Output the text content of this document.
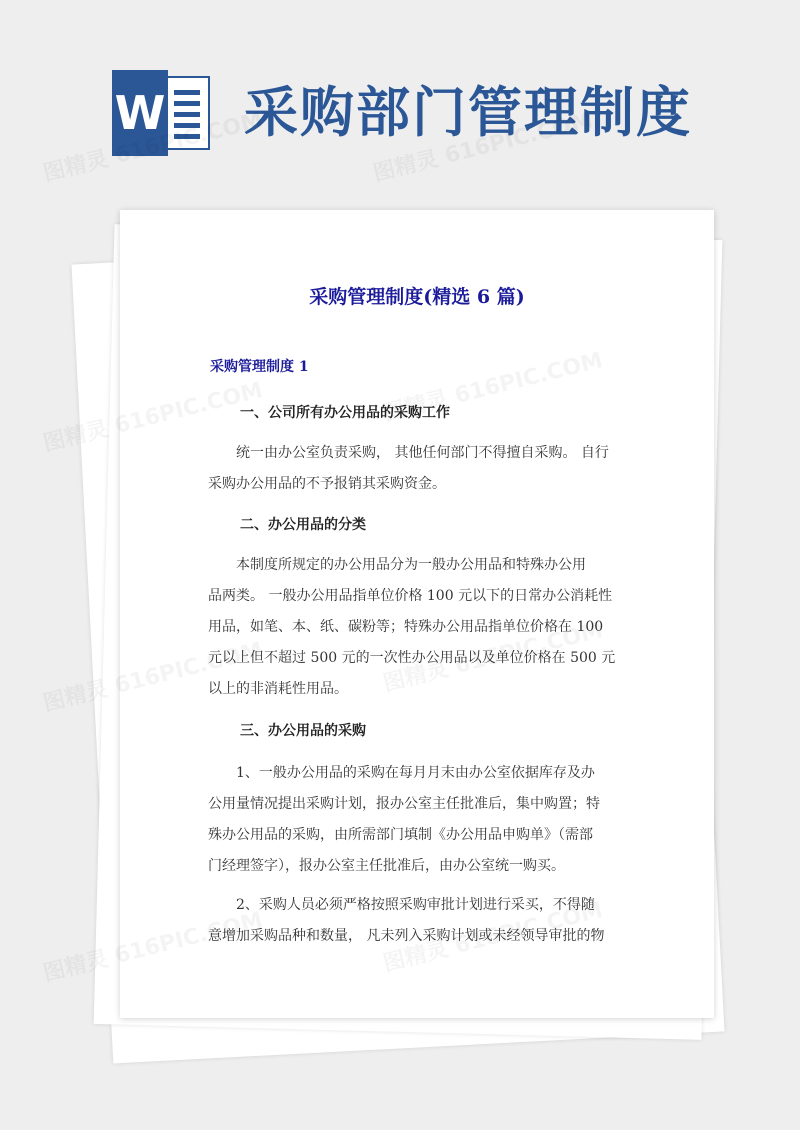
W 采购部门管理制度
采购管理制度(精选 6 篇)
采购管理制度 1
一、公司所有办公用品的采购工作
统一由办公室负责采购， 其他任何部门不得擅自采购。 自行
采购办公用品的不予报销其采购资金。
二、办公用品的分类
本制度所规定的办公用品分为一般办公用品和特殊办公用
品两类。 一般办公用品指单位价格 100 元以下的日常办公消耗性
用品，如笔、本、纸、碳粉等；特殊办公用品指单位价格在 100
元以上但不超过 500 元的一次性办公用品以及单位价格在 500 元
以上的非消耗性用品。
三、办公用品的采购
1、一般办公用品的采购在每月月末由办公室依据库存及办
公用量情况提出采购计划，报办公室主任批准后，集中购置；特
殊办公用品的采购，由所需部门填制《办公用品申购单》（需部
门经理签字），报办公室主任批准后，由办公室统一购买。
2、采购人员必须严格按照采购审批计划进行采买，不得随
意增加采购品种和数量， 凡未列入采购计划或未经领导审批的物
